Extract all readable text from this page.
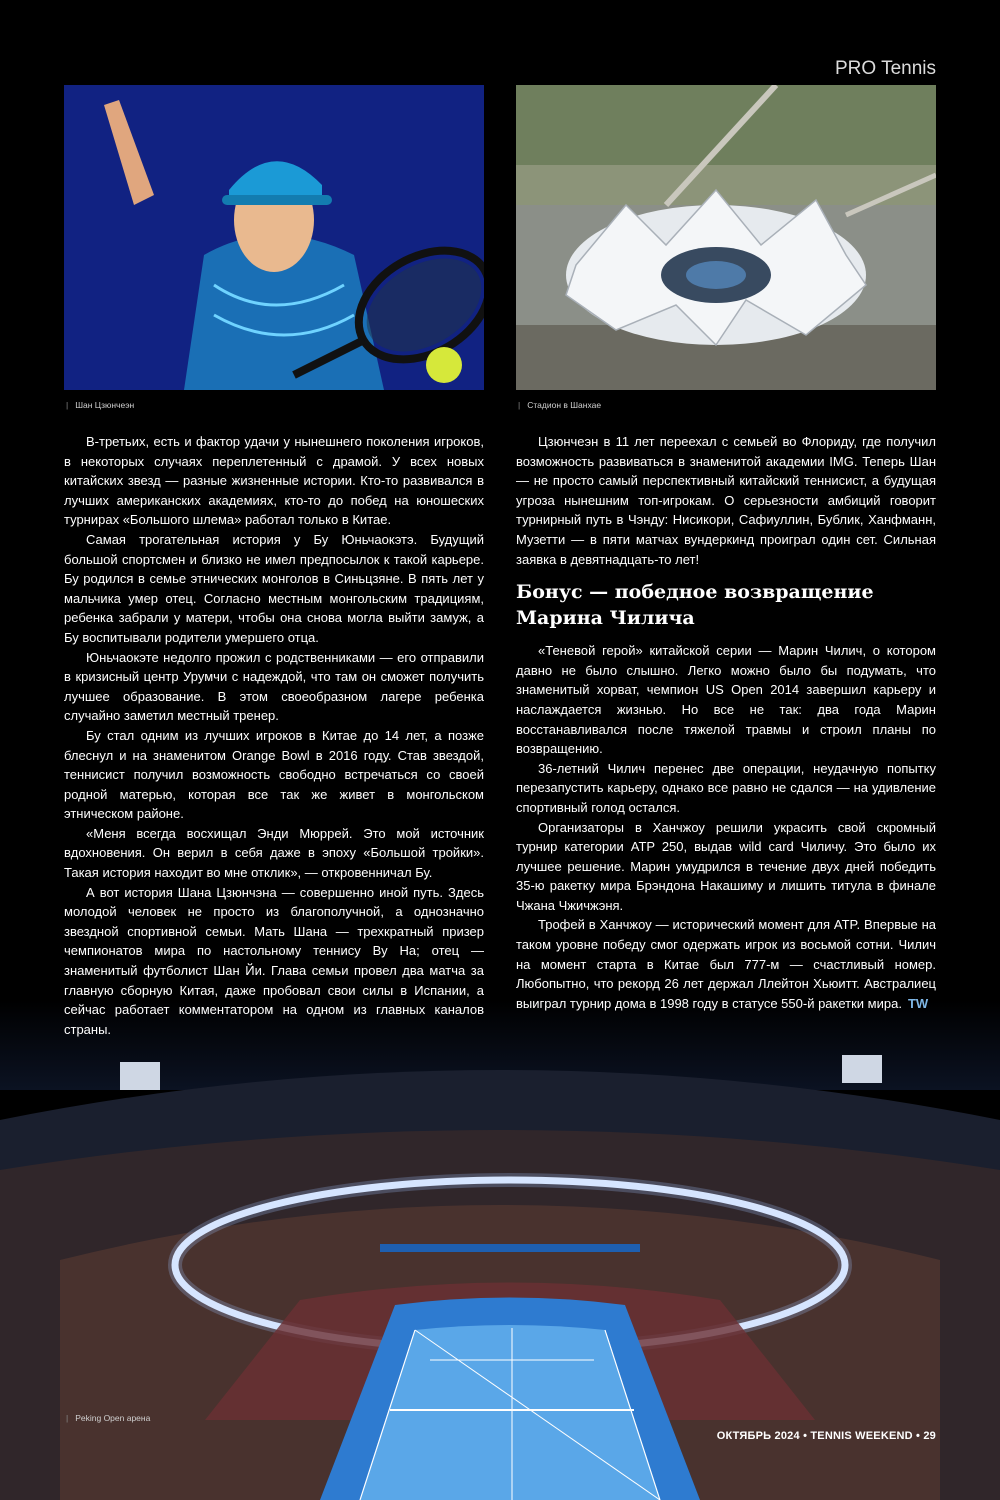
PRO Tennis
| Шан Цзюнчеэн	| Стадион в Шанхае

В-третьих, есть и фактор удачи у нынешнего поколения игроков, в некоторых случаях переплетенный с драмой. У всех новых китайских звезд — разные жизненные истории. Кто-то развивался в лучших американских академиях, кто-то до побед на юношеских турнирах «Большого шлема» работал только в Китае.

Самая трогательная история у Бу Юньчаокэтэ. Будущий большой спортсмен и близко не имел предпосылок к такой карьере. Бу родился в семье этнических монголов в Синьцзяне. В пять лет у мальчика умер отец. Согласно местным монгольским традициям, ребенка забрали у матери, чтобы она снова могла выйти замуж, а Бу воспитывали родители умершего отца.

Юньчаокэте недолго прожил с родственниками — его отправили в кризисный центр Урумчи с надеждой, что там он сможет получить лучшее образование. В этом своеобразном лагере ребенка случайно заметил местный тренер.

Бу стал одним из лучших игроков в Китае до 14 лет, а позже блеснул и на знаменитом Orange Bowl в 2016 году. Став звездой, теннисист получил возможность свободно встречаться со своей родной матерью, которая все так же живет в монгольском этническом районе.

«Меня всегда восхищал Энди Мюррей. Это мой источник вдохновения. Он верил в себя даже в эпоху «Большой тройки». Такая история находит во мне отклик», — откровенничал Бу.

А вот история Шана Цзюнчэна — совершенно иной путь. Здесь молодой человек не просто из благополучной, а однозначно звездной спортивной семьи. Мать Шана — трехкратный призер чемпионатов мира по настольному теннису Ву На; отец — знаменитый футболист Шан Йи. Глава семьи провел два матча за главную сборную Китая, даже пробовал свои силы в Испании, а сейчас работает комментатором на одном из главных каналов страны.

Цзюнчеэн в 11 лет переехал с семьей во Флориду, где получил возможность развиваться в знаменитой академии IMG. Теперь Шан — не просто самый перспективный китайский теннисист, а будущая угроза нынешним топ-игрокам. О серьезности амбиций говорит турнирный путь в Чэнду: Нисикори, Сафиуллин, Бублик, Ханфманн, Музетти — в пяти матчах вундеркинд проиграл один сет. Сильная заявка в девятнадцать-то лет!

Бонус — победное возвращение Марина Чилича

«Теневой герой» китайской серии — Марин Чилич, о котором давно не было слышно. Легко можно было бы подумать, что знаменитый хорват, чемпион US Open 2014 завершил карьеру и наслаждается жизнью. Но все не так: два года Марин восстанавливался после тяжелой травмы и строил планы по возвращению.

36-летний Чилич перенес две операции, неудачную попытку перезапустить карьеру, однако все равно не сдался — на удивление спортивный голод остался.

Организаторы в Ханчжоу решили украсить свой скромный турнир категории ATP 250, выдав wild card Чиличу. Это было их лучшее решение. Марин умудрился в течение двух дней победить 35-ю ракетку мира Брэндона Накашиму и лишить титула в финале Чжана Чжичжэня.

Трофей в Ханчжоу — исторический момент для ATP. Впервые на таком уровне победу смог одержать игрок из восьмой сотни. Чилич на момент старта в Китае был 777-м — счастливый номер. Любопытно, что рекорд 26 лет держал Ллейтон Хьюитт. Австралиец выиграл турнир дома в 1998 году в статусе 550-й ракетки мира. TW

| Peking Open арена
ОКТЯБРЬ 2024 • TENNIS WEEKEND • 29
